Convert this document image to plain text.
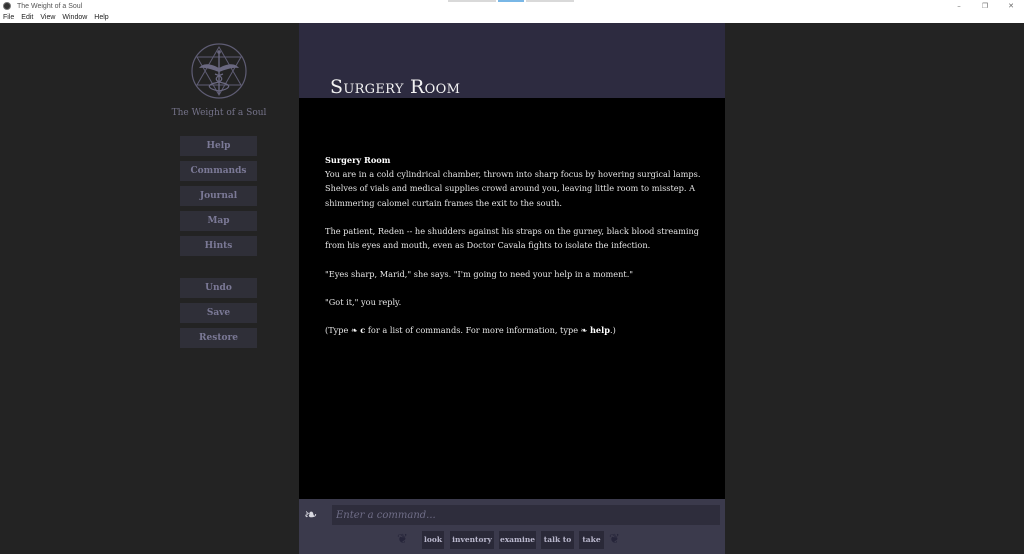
The Weight of a Soul	–	❐	✕
File Edit View Window Help
The Weight of a Soul
Help
Commands
Journal
Map
Hints
Undo
Save
Restore
Surgery Room
Surgery Room

You are in a cold cylindrical chamber, thrown into sharp focus by hovering surgical lamps. Shelves of vials and medical supplies crowd around you, leaving little room to misstep. A shimmering calomel curtain frames the exit to the south.

The patient, Reden -- he shudders against his straps on the gurney, black blood streaming from his eyes and mouth, even as Doctor Cavala fights to isolate the infection.

"Eyes sharp, Marid," she says. "I'm going to need your help in a moment."

"Got it," you reply.

(Type ❧ c for a list of commands. For more information, type ❧ help.)

❧
Enter a command...
❦ look inventory examine	talk to	take ❦
